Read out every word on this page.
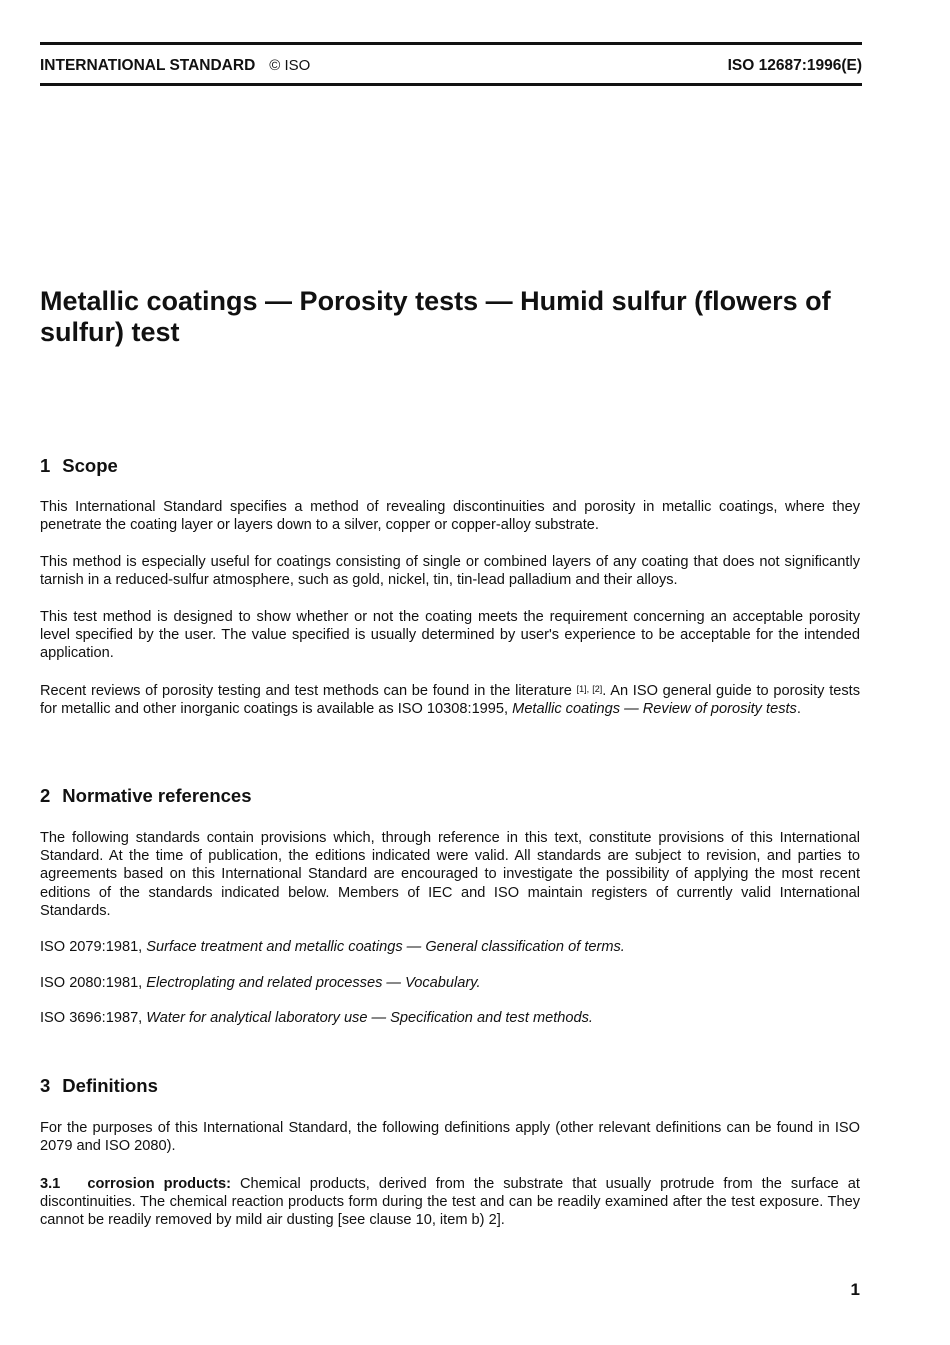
INTERNATIONAL STANDARD © ISO	ISO 12687:1996(E)
Metallic coatings — Porosity tests — Humid sulfur (flowers of sulfur) test
1 Scope

This International Standard specifies a method of revealing discontinuities and porosity in metallic coatings, where they penetrate the coating layer or layers down to a silver, copper or copper-alloy substrate.

This method is especially useful for coatings consisting of single or combined layers of any coating that does not significantly tarnish in a reduced-sulfur atmosphere, such as gold, nickel, tin, tin-lead palladium and their alloys.

This test method is designed to show whether or not the coating meets the requirement concerning an acceptable porosity level specified by the user. The value specified is usually determined by user's experience to be acceptable for the intended application.

Recent reviews of porosity testing and test methods can be found in the literature [1], [2]. An ISO general guide to porosity tests for metallic and other inorganic coatings is available as ISO 10308:1995, Metallic coatings — Review of porosity tests.

2 Normative references

The following standards contain provisions which, through reference in this text, constitute provisions of this International Standard. At the time of publication, the editions indicated were valid. All standards are subject to revision, and parties to agreements based on this International Standard are encouraged to investigate the possibility of applying the most recent editions of the standards indicated below. Members of IEC and ISO maintain registers of currently valid International Standards.

ISO 2079:1981, Surface treatment and metallic coatings — General classification of terms.

ISO 2080:1981, Electroplating and related processes — Vocabulary.

ISO 3696:1987, Water for analytical laboratory use — Specification and test methods.

3 Definitions

For the purposes of this International Standard, the following definitions apply (other relevant definitions can be found in ISO 2079 and ISO 2080).

3.1 corrosion products: Chemical products, derived from the substrate that usually protrude from the surface at discontinuities. The chemical reaction products form during the test and can be readily examined after the test exposure. They cannot be readily removed by mild air dusting [see clause 10, item b) 2].

1
